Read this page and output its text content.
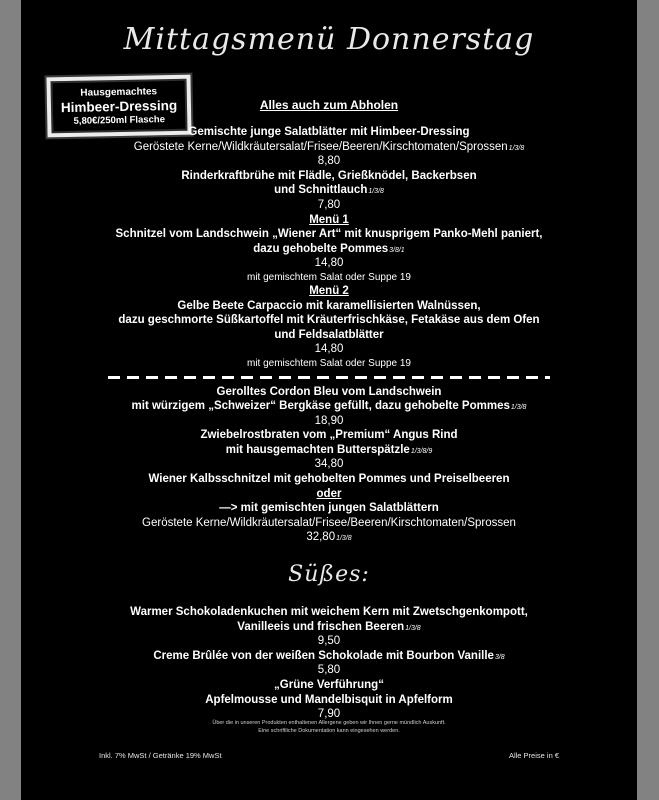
Mittagsmenü Donnerstag
Hausgemachtes
Himbeer-Dressing
5,80€/250ml Flasche
Alles auch zum Abholen
Gemischte junge Salatblätter mit Himbeer-Dressing
Geröstete Kerne/Wildkräutersalat/Frisee/Beeren/Kirschtomaten/Sprossen1/3/8
8,80
Rinderkraftbrühe mit Flädle, Grießknödel, Backerbsen
und Schnittlauch1/3/8
7,80
Menü 1
Schnitzel vom Landschwein „Wiener Art“ mit knusprigem Panko-Mehl paniert,
dazu gehobelte Pommes3/8/1
14,80
mit gemischtem Salat oder Suppe 19
Menü 2
Gelbe Beete Carpaccio mit karamellisierten Walnüssen,
dazu geschmorte Süßkartoffel mit Kräuterfrischkäse, Fetakäse aus dem Ofen
und Feldsalatblätter
14,80
mit gemischtem Salat oder Suppe 19
Gerolltes Cordon Bleu vom Landschwein
mit würzigem „Schweizer“ Bergkäse gefüllt, dazu gehobelte Pommes1/3/8
18,90
Zwiebelrostbraten vom „Premium“ Angus Rind
mit hausgemachten Butterspätzle1/3/8/9
34,80
Wiener Kalbsschnitzel mit gehobelten Pommes und Preiselbeeren
oder
—> mit gemischten jungen Salatblättern
Geröstete Kerne/Wildkräutersalat/Frisee/Beeren/Kirschtomaten/Sprossen
32,801/3/8
Süßes:
Warmer Schokoladenkuchen mit weichem Kern mit Zwetschgenkompott,
Vanilleeis und frischen Beeren1/3/8
9,50
Creme Brûlée von der weißen Schokolade mit Bourbon Vanille3/8
5,80
„Grüne Verführung“
Apfelmousse und Mandelbisquit in Apfelform
7,90
Über die in unseren Produkten enthaltenen Allergene geben wir Ihnen gerne mündlich Auskunft.
Eine schriftliche Dokumentation kann eingesehen werden.
Inkl. 7% MwSt / Getränke 19% MwSt	Alle Preise in €
